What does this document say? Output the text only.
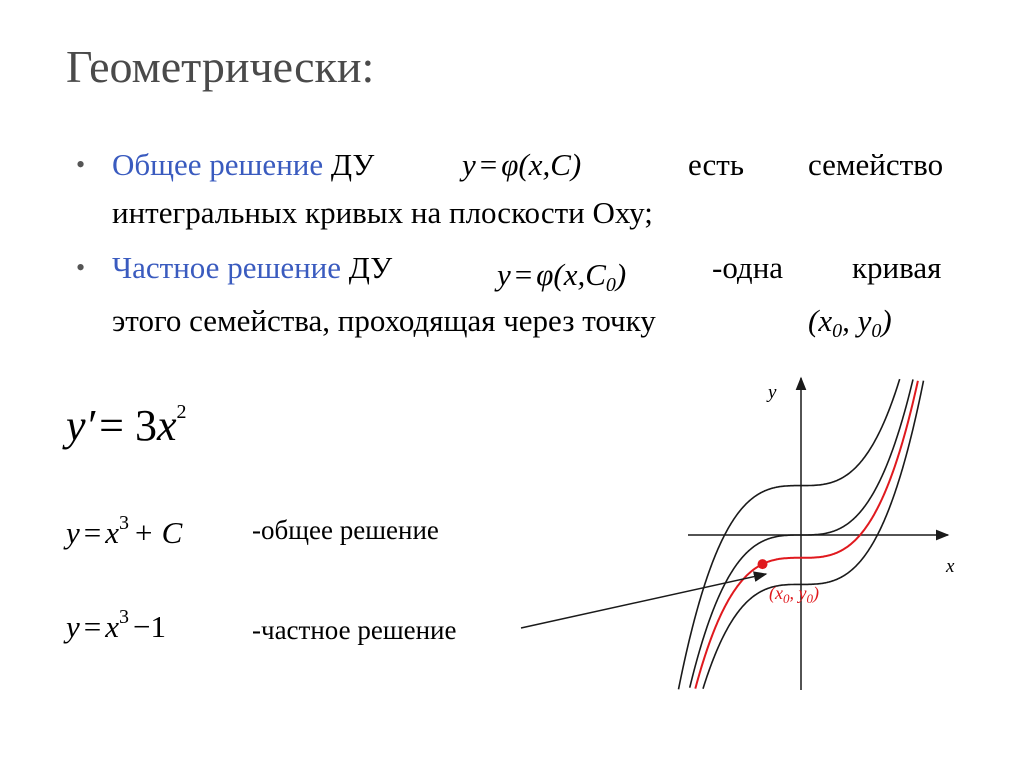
Геометрически:
• Общее решение ДУ	y = φ(x,C)	есть семейство
интегральных кривых на плоскости Оху;
• Частное решение ДУ	y = φ(x,C0)	-одна кривая
этого семейства, проходящая через точку	(x0, y0)
y′ = 3x2
y = x3 + C	-общее решение
y = x3 −1	-частное решение
x
y
($x_0$, $y_0$)
